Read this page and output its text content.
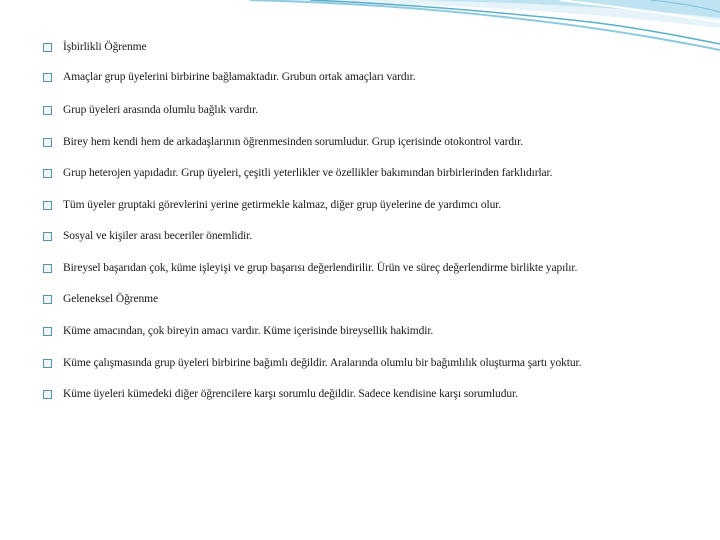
İşbirlikli Öğrenme
Amaçlar grup üyelerini birbirine bağlamaktadır. Grubun ortak amaçları vardır.
Grup üyeleri arasında olumlu bağlık vardır.
Birey hem kendi hem de arkadaşlarının öğrenmesinden sorumludur. Grup içerisinde otokontrol vardır.
Grup heterojen yapıdadır. Grup üyeleri, çeşitli yeterlikler ve özellikler bakımından birbirlerinden farklıdırlar.
Tüm üyeler gruptaki görevlerini yerine getirmekle kalmaz, diğer grup üyelerine de yardımcı olur.
Sosyal ve kişiler arası beceriler önemlidir.
Bireysel başarıdan çok, küme işleyişi ve grup başarısı değerlendirilir. Ürün ve süreç değerlendirme birlikte yapılır.
Geleneksel Öğrenme
Küme amacından, çok bireyin amacı vardır. Küme içerisinde bireysellik hakimdir.
Küme çalışmasında grup üyeleri birbirine bağımlı değildir. Aralarında olumlu bir bağımlılık oluşturma şartı yoktur.
Küme üyeleri kümedeki diğer öğrencilere karşı sorumlu değildir. Sadece kendisine karşı sorumludur.
